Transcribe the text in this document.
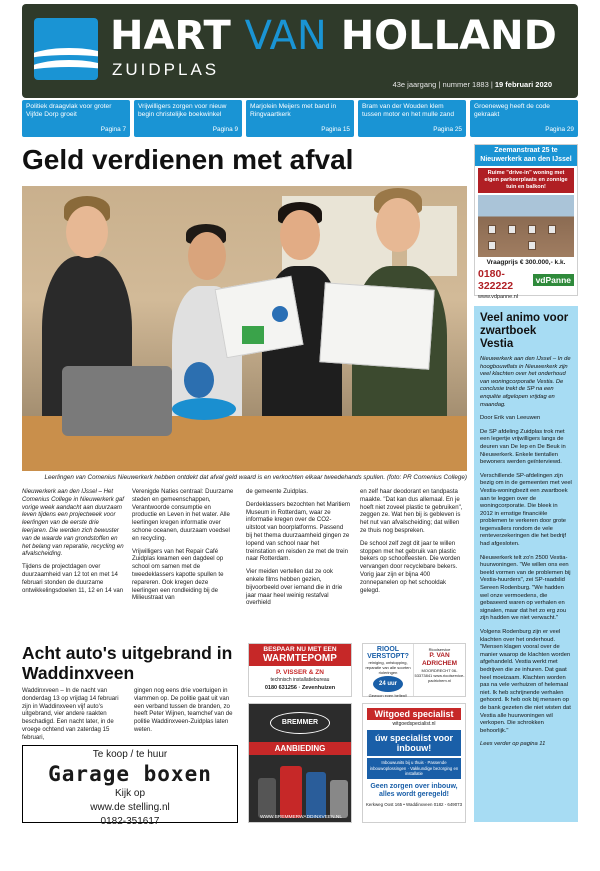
HART VAN HOLLAND
ZUIDPLAS
43e jaargang | nummer 1883 | 19 februari 2020
Politiek draagvlak voor groter Vijfde Dorp groeit
Pagina 7
Vrijwilligers zorgen voor nieuw begin christelijke boekwinkel
Pagina 9
Marjolein Meijers met band in Ringvaartkerk
Pagina 15
Bram van der Wouden klem tussen motor en het mulle zand
Pagina 25
Groeneweg heeft de code gekraakt
Pagina 29
Geld verdienen met afval
Leerlingen van Comenius Nieuwerkerk hebben ontdekt dat afval geld waard is en verkochten elkaar tweedehands spullen. (foto: PR Comenius College)

Nieuwerkerk aan den IJssel – Het Comenius College in Nieuwerkerk gaf vorige week aandacht aan duurzaam leven tijdens een projectweek voor leerlingen van de eerste drie leerjaren. Die werden zich bewuster van de waarde van grondstoffen en het belang van reparatie, recycling en afvalscheiding.

Tijdens de projectdagen over duurzaamheid van 12 tot en met 14 februari stonden de duurzame ontwikkelingsdoelen 11, 12 en 14 van

Verenigde Naties centraal: Duurzame steden en gemeenschappen, Verantwoorde consumptie en productie en Leven in het water. Alle leerlingen kregen informatie over schone oceanen, duurzaam voedsel en recycling.

Vrijwilligers van het Repair Café Zuidplas kwamen een dagdeel op school om samen met de tweedeklassers kapotte spullen te repareren. Ook kregen deze leerlingen een rondleiding bij de Milieustraat van

de gemeente Zuidplas.

Derdeklassers bezochten het Maritiem Museum in Rotterdam, waar ze informatie kregen over de CO2-uitstoot van boorplatforms. Passend bij het thema duurzaamheid gingen ze lopend van school naar het treinstation en reisden ze met de trein naar Rotterdam.

Vier meiden vertellen dat ze ook enkele films hebben gezien, bijvoorbeeld over iemand die in drie jaar maar heel weinig restafval overhield

en zelf haar deodorant en tandpasta maakte. "Dat kan dus allemaal. En je hoeft niet zoveel plastic te gebruiken", zeggen ze. Wat hen bij is gebleven is het nut van afvalscheiding; dat willen ze thuis nog bespreken.

De school zelf zegt dit jaar te willen stoppen met het gebruik van plastic bekers op schoolfeesten. Die worden vervangen door recyclebare bekers. Vorig jaar zijn er bijna 400 zonnepanelen op het schooldak gelegd.

Zeemanstraat 25 te Nieuwerkerk aan den IJssel
Ruime "drive-in" woning met eigen parkeerplaats en zonnige tuin en balkon!
Vraagprijs € 300.000,- k.k.
0180-322222	vdPanne
www.vdpanne.nl
Veel animo voor zwartboek Vestia

Nieuwerkerk aan den IJssel – In de hoogbouwflats in Nieuwerkerk zijn veel klachten over het onderhoud van woningcorporatie Vestia. De conclusie trekt de SP na een enquête afgelopen vrijdag en maandag.

Door Erik van Leeuwen

De SP afdeling Zuidplas trok met een legertje vrijwilligers langs de deuren van De Iep en De Beuk in Nieuwerkerk. Enkele tientallen bewoners werden geïnterviewd.

Verschillende SP-afdelingen zijn bezig om in de gemeenten met veel Vestia-woningbezit een zwartboek aan te leggen over de woningcorporatie. Die bleek in 2012 in ernstige financiële problemen te verkeren door grote tegenvallers rondom de vele renteverzekeringen die het bedrijf had afgesloten.

Nieuwerkerk telt zo'n 2500 Vestia-huurwoningen. "We willen ons een beeld vormen van de problemen bij Vestia-huurders", zei SP-raadslid Sereen Rodenburg. "We hadden wel onze vermoedens, die gebaseerd waren op verhalen en signalen, maar dat het zo erg zou zijn hadden we niet verwacht."

Volgens Rodenburg zijn er veel klachten over het onderhoud. "Mensen klagen vooral over de manier waarop de klachten worden afgehandeld. Vestia werkt met bedrijven die ze inhuren. Dat gaat heel moeizaam. Klachten worden pas na vele verhuizen of helemaal niet. Ik heb schrijnende verhalen gehoord. Ik heb ook bij mensen op de bank gezeten die niet wisten dat Vestia alle huurwoningen wil verkopen. Die schrokken behoorlijk."

Lees verder op pagina 11

Acht auto's uitgebrand in Waddinxveen

Waddinxveen – In de nacht van donderdag 13 op vrijdag 14 februari zijn in Waddinxveen vijf auto's uitgebrand, vier andere raakten beschadigd. Een nacht later, in de vroege ochtend van zaterdag 15 februari,

gingen nog eens drie voertuigen in vlammen op. De politie gaat uit van een verband tussen de branden, zo heeft Peter Wijnen, teamchef van de politie Waddinxveen-Zuidplas laten weten.

Te koop / te huur
Garage boxen
Kijk op
www.de stelling.nl
0182-351617
BESPAAR NU MET EEN
WARMTEPOMP
P. VISSER & ZN
technisch installatiebureau
0180 631256 · Zevenhuizen
BREMMER
AANBIEDING
WWW.BREMMERWADDINXVEEN.NL
RIOOL VERSTOPT?
reiniging, ontstopping, reparatie van alle soorten rioleringen
24 uur SERVICE
Gewoon even bellen!!
Rioolservice
P. VAN ADRICHEM
MOORDRECHT 06-53373841 www.rioolservice-padrichem.nl
Witgoed specialist
witgoedspecialist.nl
úw specialist voor inbouw!
Inbouwunits bij u thuis · Passende inbouwoplossingen · Vakkundige bezorging en installatie
Geen zorgen over inbouw, alles wordt geregeld!
Kerkweg Oost 165 • Waddinxveen 0182 - 649073
